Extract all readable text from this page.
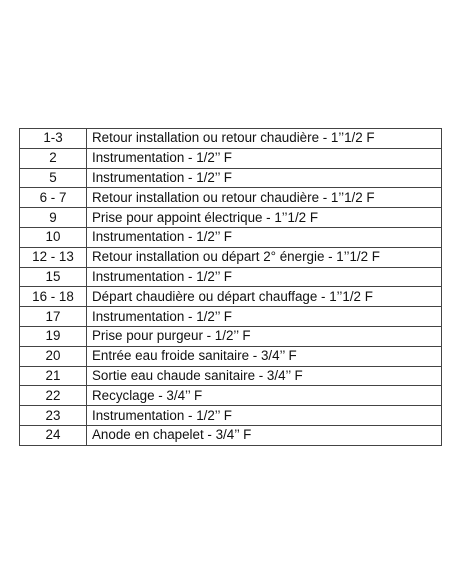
1-3	Retour installation ou retour chaudière - 1’’1/2 F
2	Instrumentation - 1/2’’ F
5	Instrumentation - 1/2’’ F
6 - 7	Retour installation ou retour chaudière - 1’’1/2 F
9	Prise pour appoint électrique - 1’’1/2 F
10	Instrumentation - 1/2’’ F
12 - 13	Retour installation ou départ 2° énergie - 1’’1/2 F
15	Instrumentation - 1/2’’ F
16 - 18	Départ chaudière ou départ chauffage - 1’’1/2 F
17	Instrumentation - 1/2’’ F
19	Prise pour purgeur - 1/2’’ F
20	Entrée eau froide sanitaire - 3/4’’ F
21	Sortie eau chaude sanitaire - 3/4’’ F
22	Recyclage - 3/4’’ F
23	Instrumentation - 1/2’’ F
24	Anode en chapelet - 3/4’’ F
